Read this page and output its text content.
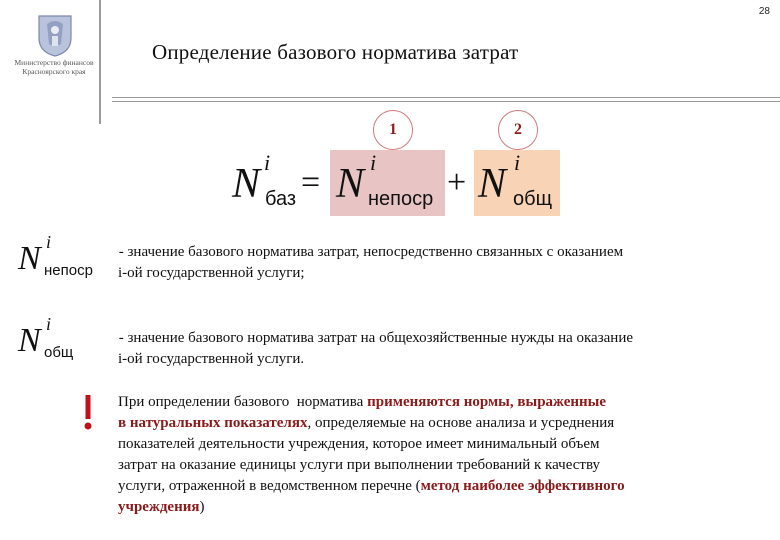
28
Министерство финансов
Красноярского края
Определение базового норматива затрат
1	2
N i
баз = N i
непоср + N i
общ
N i
непоср
- значение базового норматива затрат, непосредственно связанных с оказанием
i-ой государственной услуги;
N i
общ
- значение базового норматива затрат на общехозяйственные нужды на оказание
i-ой государственной услуги.
При определении базового  норматива применяются нормы, выраженные
в натуральных показателях, определяемые на основе анализа и усреднения
показателей деятельности учреждения, которое имеет минимальный объем
затрат на оказание единицы услуги при выполнении требований к качеству
услуги, отраженной в ведомственном перечне (метод наиболее эффективного
учреждения)
